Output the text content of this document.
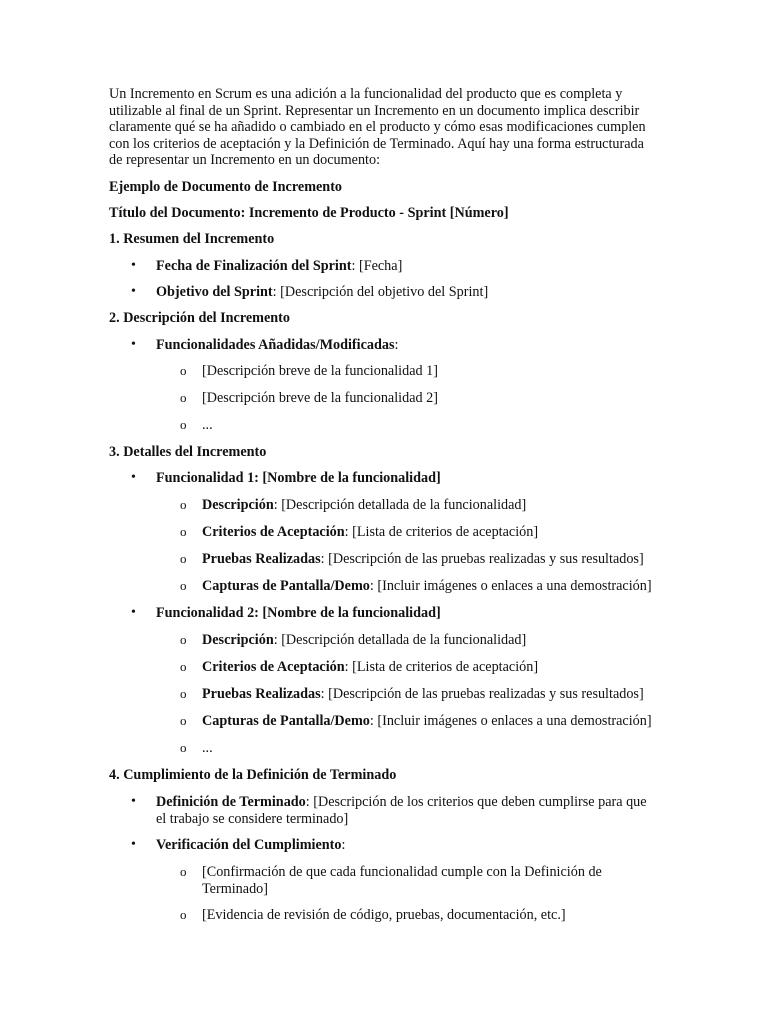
Un Incremento en Scrum es una adición a la funcionalidad del producto que es completa y utilizable al final de un Sprint. Representar un Incremento en un documento implica describir claramente qué se ha añadido o cambiado en el producto y cómo esas modificaciones cumplen con los criterios de aceptación y la Definición de Terminado. Aquí hay una forma estructurada de representar un Incremento en un documento:
Ejemplo de Documento de Incremento
Título del Documento: Incremento de Producto - Sprint [Número]
1. Resumen del Incremento
• Fecha de Finalización del Sprint: [Fecha]
• Objetivo del Sprint: [Descripción del objetivo del Sprint]
2. Descripción del Incremento
• Funcionalidades Añadidas/Modificadas:
o [Descripción breve de la funcionalidad 1]
o [Descripción breve de la funcionalidad 2]
o ...
3. Detalles del Incremento
• Funcionalidad 1: [Nombre de la funcionalidad]
o Descripción: [Descripción detallada de la funcionalidad]
o Criterios de Aceptación: [Lista de criterios de aceptación]
o Pruebas Realizadas: [Descripción de las pruebas realizadas y sus resultados]
o Capturas de Pantalla/Demo: [Incluir imágenes o enlaces a una demostración]
• Funcionalidad 2: [Nombre de la funcionalidad]
o Descripción: [Descripción detallada de la funcionalidad]
o Criterios de Aceptación: [Lista de criterios de aceptación]
o Pruebas Realizadas: [Descripción de las pruebas realizadas y sus resultados]
o Capturas de Pantalla/Demo: [Incluir imágenes o enlaces a una demostración]
o ...
4. Cumplimiento de la Definición de Terminado
• Definición de Terminado: [Descripción de los criterios que deben cumplirse para que el trabajo se considere terminado]
• Verificación del Cumplimiento:
o [Confirmación de que cada funcionalidad cumple con la Definición de Terminado]
o [Evidencia de revisión de código, pruebas, documentación, etc.]
